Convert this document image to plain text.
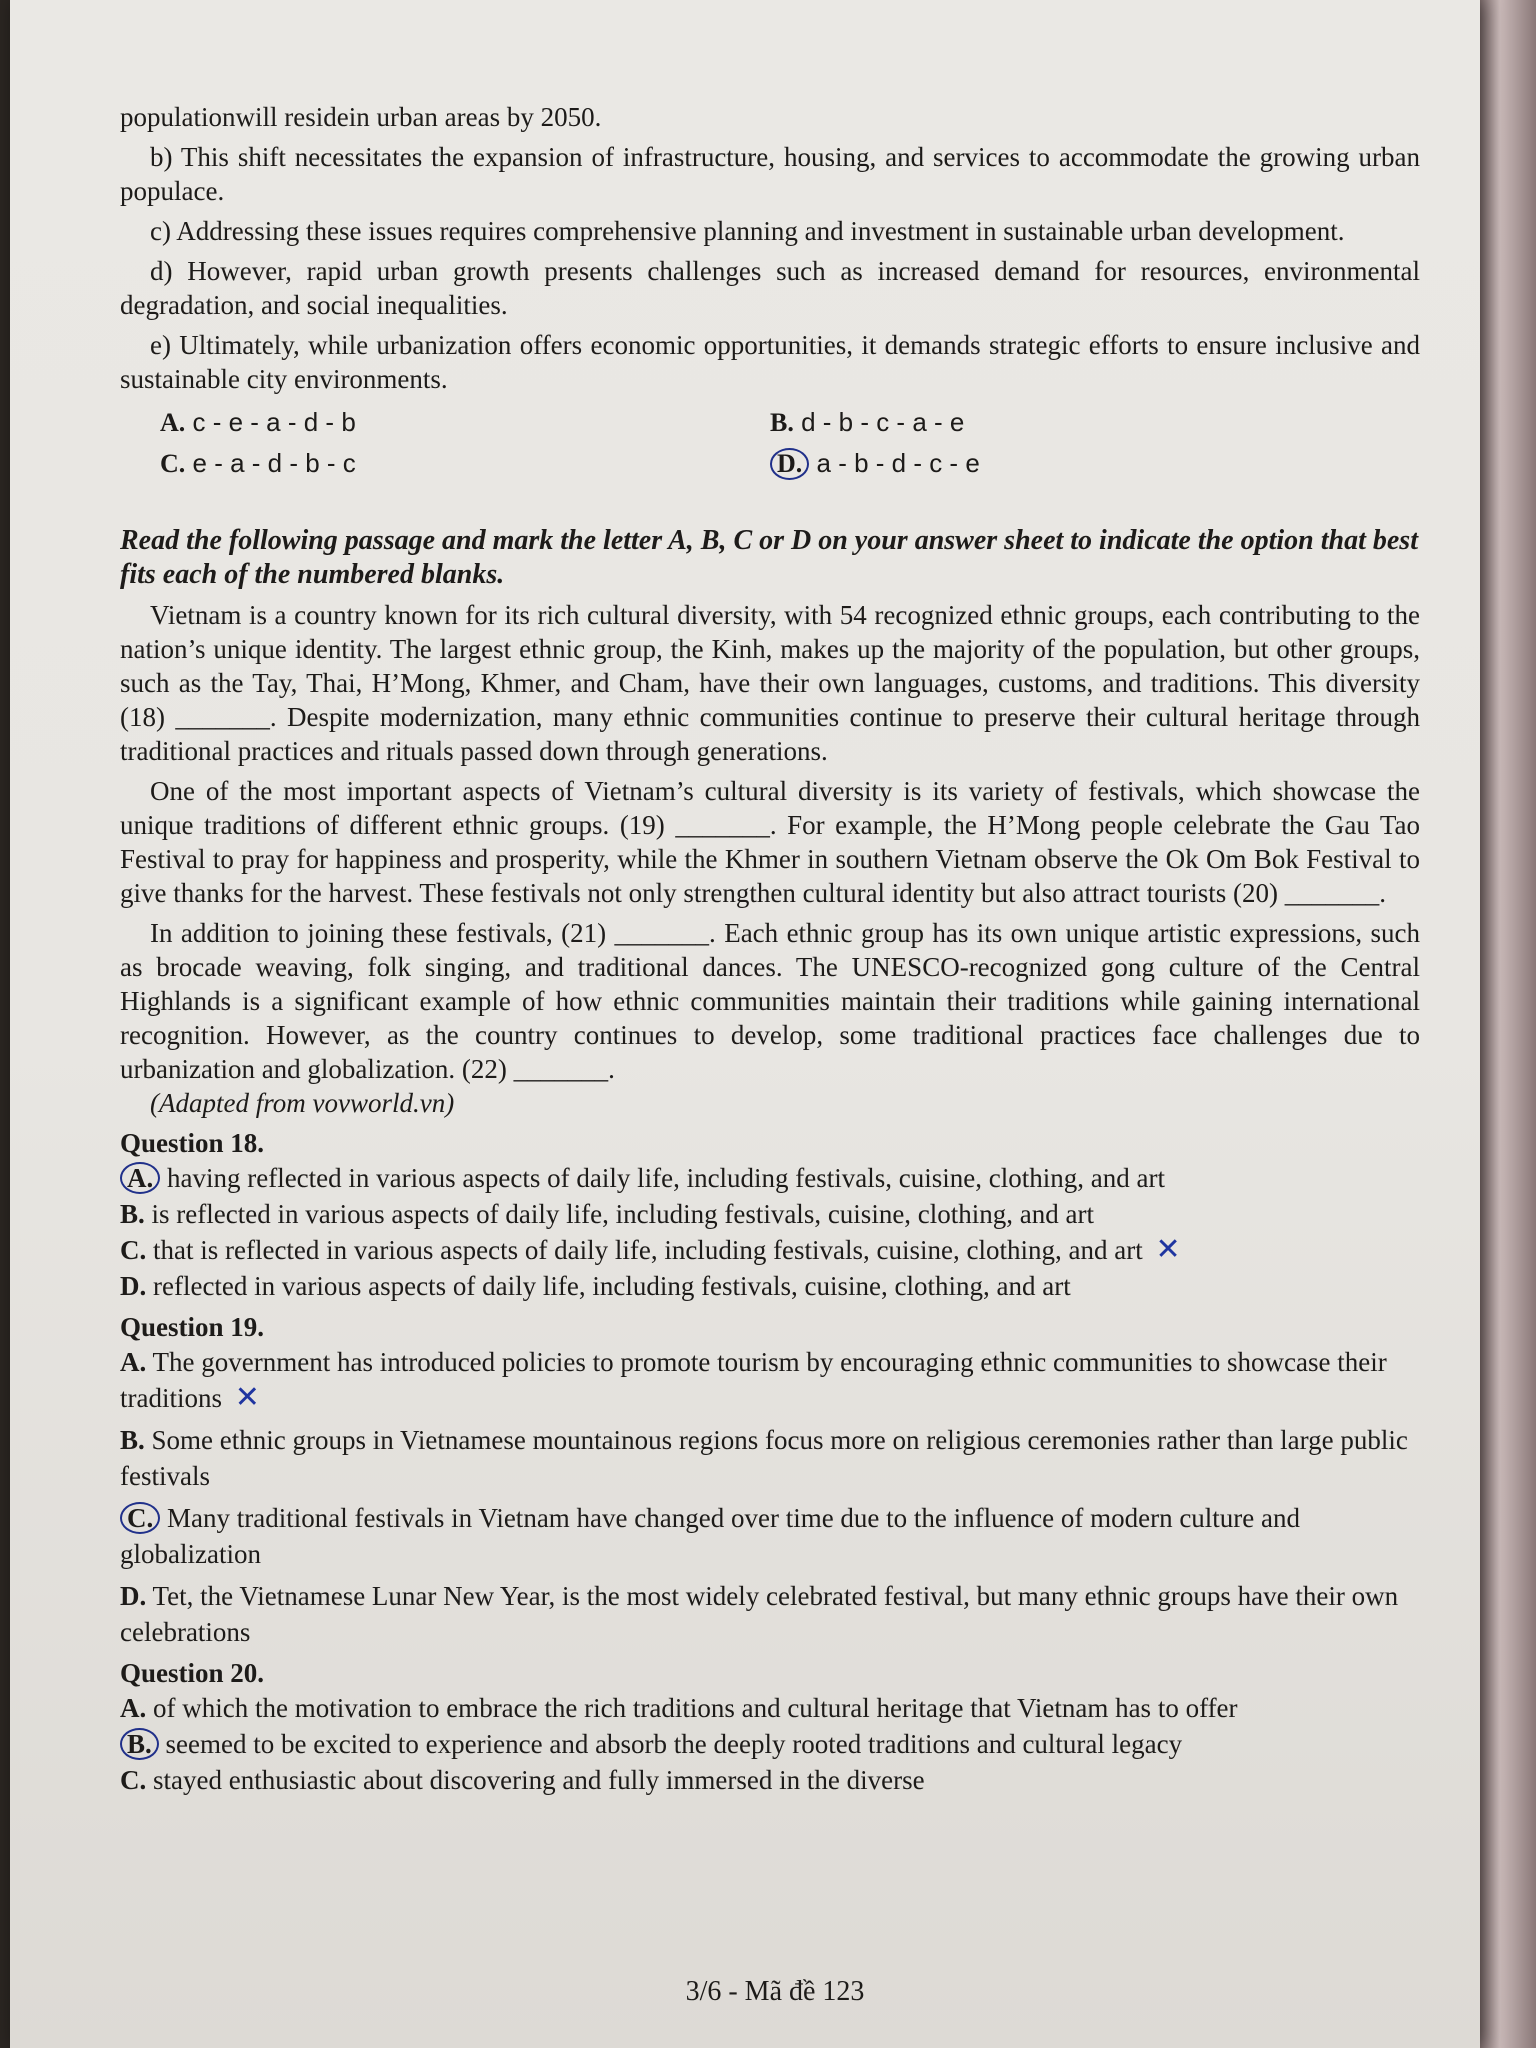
populationwill residein urban areas by 2050.

b) This shift necessitates the expansion of infrastructure, housing, and services to accommodate the growing urban populace.

c) Addressing these issues requires comprehensive planning and investment in sustainable urban development.

d) However, rapid urban growth presents challenges such as increased demand for resources, environmental degradation, and social inequalities.

e) Ultimately, while urbanization offers economic opportunities, it demands strategic efforts to ensure inclusive and sustainable city environments.

A. c - e - a - d - b	B. d - b - c - a - e
C. e - a - d - b - c	D. a - b - d - c - e

Read the following passage and mark the letter A, B, C or D on your answer sheet to indicate the option that best fits each of the numbered blanks.

Vietnam is a country known for its rich cultural diversity, with 54 recognized ethnic groups, each contributing to the nation’s unique identity. The largest ethnic group, the Kinh, makes up the majority of the population, but other groups, such as the Tay, Thai, H’Mong, Khmer, and Cham, have their own languages, customs, and traditions. This diversity (18) _______. Despite modernization, many ethnic communities continue to preserve their cultural heritage through traditional practices and rituals passed down through generations.

One of the most important aspects of Vietnam’s cultural diversity is its variety of festivals, which showcase the unique traditions of different ethnic groups. (19) _______. For example, the H’Mong people celebrate the Gau Tao Festival to pray for happiness and prosperity, while the Khmer in southern Vietnam observe the Ok Om Bok Festival to give thanks for the harvest. These festivals not only strengthen cultural identity but also attract tourists (20) _______.

In addition to joining these festivals, (21) _______. Each ethnic group has its own unique artistic expressions, such as brocade weaving, folk singing, and traditional dances. The UNESCO-recognized gong culture of the Central Highlands is a significant example of how ethnic communities maintain their traditions while gaining international recognition. However, as the country continues to develop, some traditional practices face challenges due to urbanization and globalization. (22) _______.

(Adapted from vovworld.vn)

Question 18.

A. having reflected in various aspects of daily life, including festivals, cuisine, clothing, and art

B. is reflected in various aspects of daily life, including festivals, cuisine, clothing, and art

C. that is reflected in various aspects of daily life, including festivals, cuisine, clothing, and art ✕

D. reflected in various aspects of daily life, including festivals, cuisine, clothing, and art

Question 19.

A. The government has introduced policies to promote tourism by encouraging ethnic communities to showcase their traditions ✕

B. Some ethnic groups in Vietnamese mountainous regions focus more on religious ceremonies rather than large public festivals

C. Many traditional festivals in Vietnam have changed over time due to the influence of modern culture and globalization

D. Tet, the Vietnamese Lunar New Year, is the most widely celebrated festival, but many ethnic groups have their own celebrations

Question 20.

A. of which the motivation to embrace the rich traditions and cultural heritage that Vietnam has to offer

B. seemed to be excited to experience and absorb the deeply rooted traditions and cultural legacy

C. stayed enthusiastic about discovering and fully immersed in the diverse

3/6 - Mã đề 123
